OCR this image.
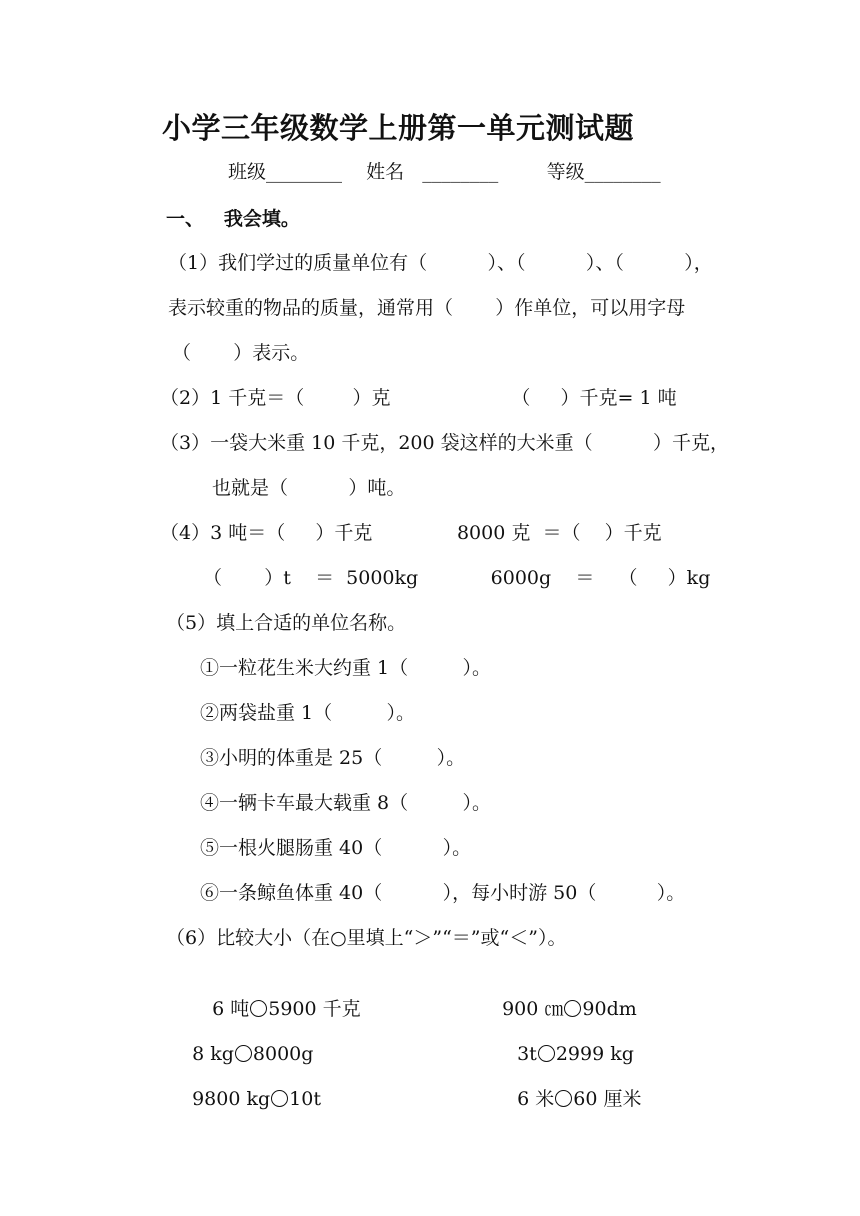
小学三年级数学上册第一单元测试题
班级________    姓名   ________        等级________
一、   我会填。
（1）我们学过的质量单位有（          ）、（          ）、（          ），
表示较重的物品的质量，通常用（       ）作单位，可以用字母
（       ）表示。
（2）1 千克＝（        ）克                    （     ）千克= 1 吨
（3）一袋大米重 10 千克，200 袋这样的大米重（          ）千克，
也就是（          ）吨。
（4）3 吨＝（     ）千克              8000 克  ＝（    ）千克
（       ）t    ＝  5000kg            6000g    ＝    （     ）kg
（5）填上合适的单位名称。
①一粒花生米大约重 1（         ）。
②两袋盐重 1（         ）。
③小明的体重是 25（         ）。
④一辆卡车最大载重 8（         ）。
⑤一根火腿肠重 40（          ）。
⑥一条鲸鱼体重 40（          ），每小时游 50（          ）。
（6）比较大小（在○里填上“＞”“＝”或“＜”）。

6 吨 5900 千克	900 ㎝ 90dm

8 kg 8000g	3t 2999 kg

9800 kg 10t	6 米 60 厘米
